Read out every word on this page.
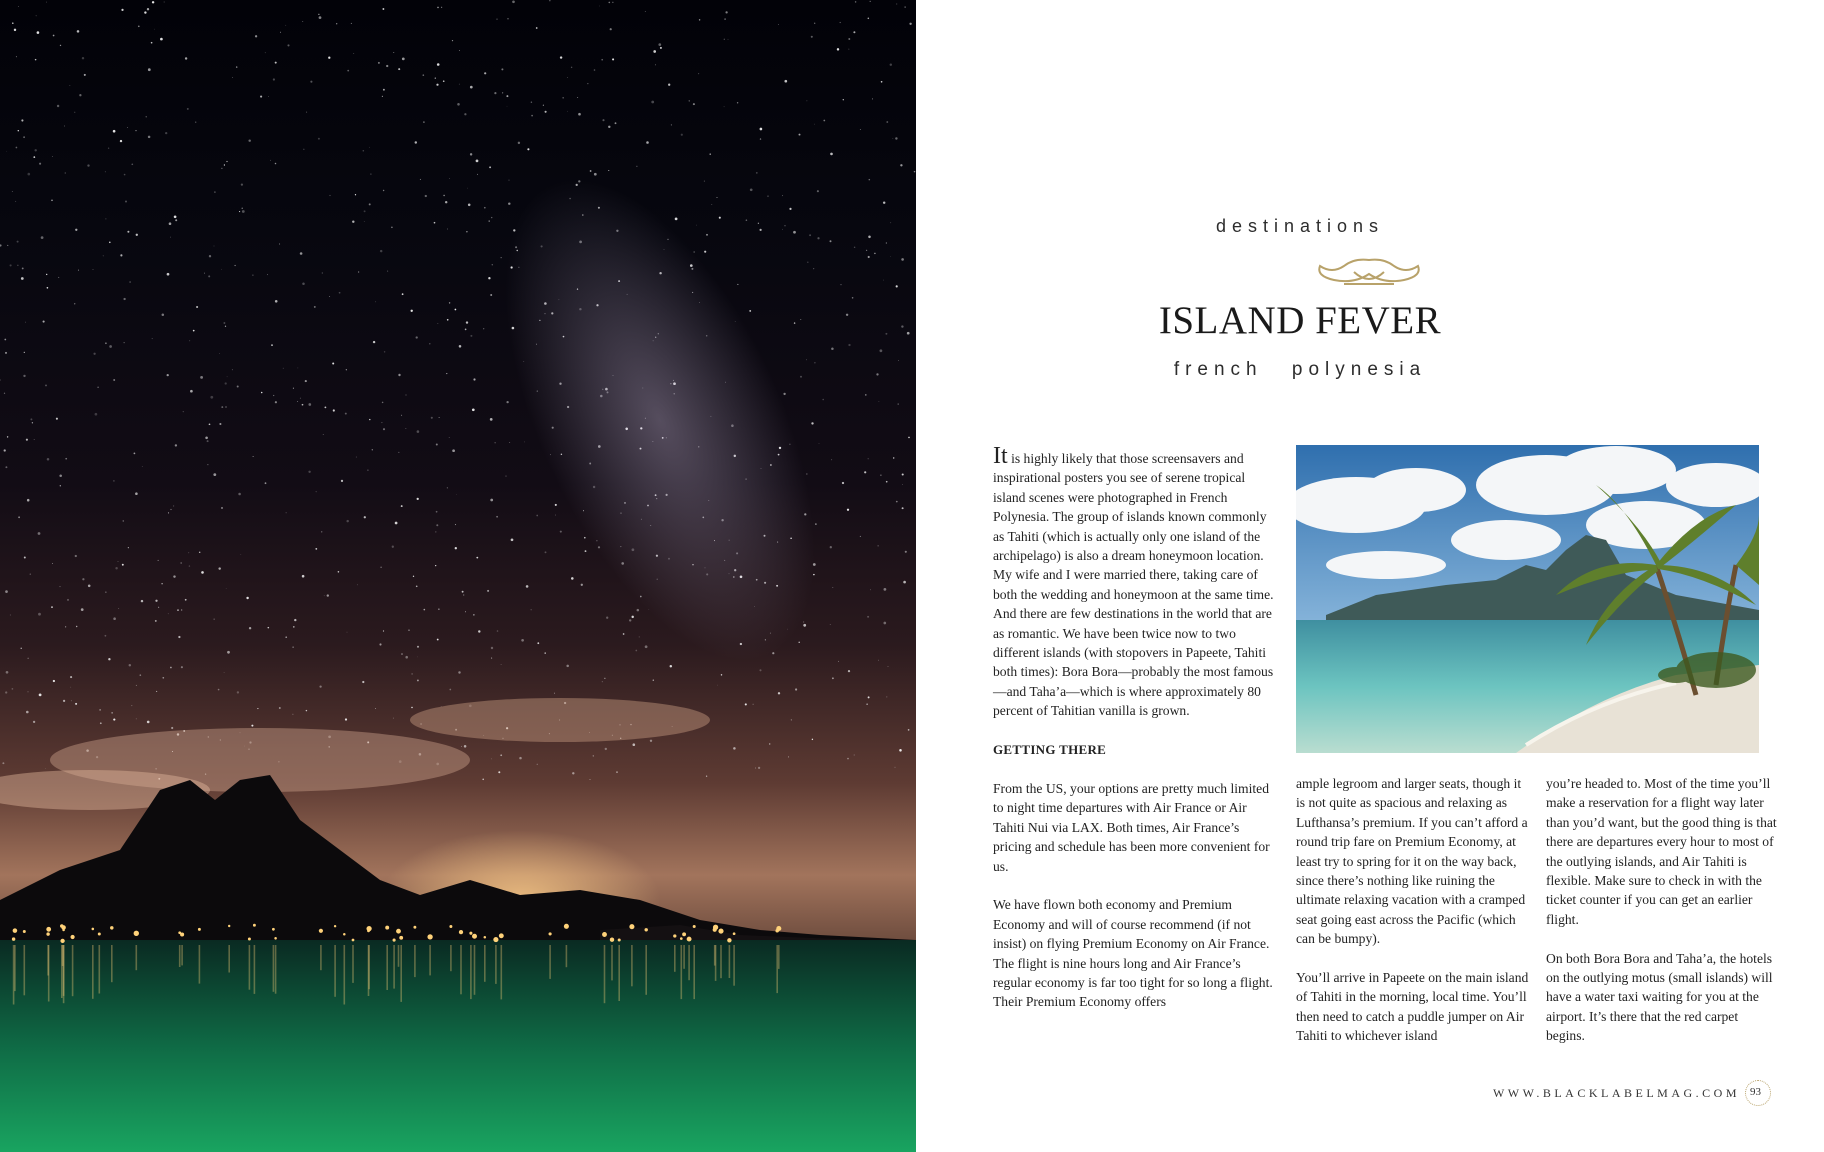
destinations
ISLAND FEVER
french polynesia

It is highly likely that those screensavers and inspirational posters you see of serene tropical island scenes were photographed in French Polynesia. The group of islands known commonly as Tahiti (which is actually only one island of the archipelago) is also a dream honeymoon location. My wife and I were married there, taking care of both the wedding and honeymoon at the same time.

And there are few destinations in the world that are as romantic. We have been twice now to two different islands (with stopovers in Papeete, Tahiti both times): Bora Bora—probably the most famous—and Taha’a—which is where approximately 80 percent of Tahitian vanilla is grown.

GETTING THERE

From the US, your options are pretty much limited to night time departures with Air France or Air Tahiti Nui via LAX. Both times, Air France’s pricing and schedule has been more convenient for us.

We have flown both economy and Premium Economy and will of course recommend (if not insist) on flying Premium Economy on Air France. The flight is nine hours long and Air France’s regular economy is far too tight for so long a flight. Their Premium Economy offers

ample legroom and larger seats, though it is not quite as spacious and relaxing as Lufthansa’s premium. If you can’t afford a round trip fare on Premium Economy, at least try to spring for it on the way back, since there’s nothing like ruining the ultimate relaxing vacation with a cramped seat going east across the Pacific (which can be bumpy).

You’ll arrive in Papeete on the main island of Tahiti in the morning, local time. You’ll then need to catch a puddle jumper on Air Tahiti to whichever island

you’re headed to. Most of the time you’ll make a reservation for a flight way later than you’d want, but the good thing is that there are departures every hour to most of the outlying islands, and Air Tahiti is flexible. Make sure to check in with the ticket counter if you can get an earlier flight.

On both Bora Bora and Taha’a, the hotels on the outlying motus (small islands) will have a water taxi waiting for you at the airport. It’s there that the red carpet begins.

WWW.BLACKLABELMAG.COM 93
